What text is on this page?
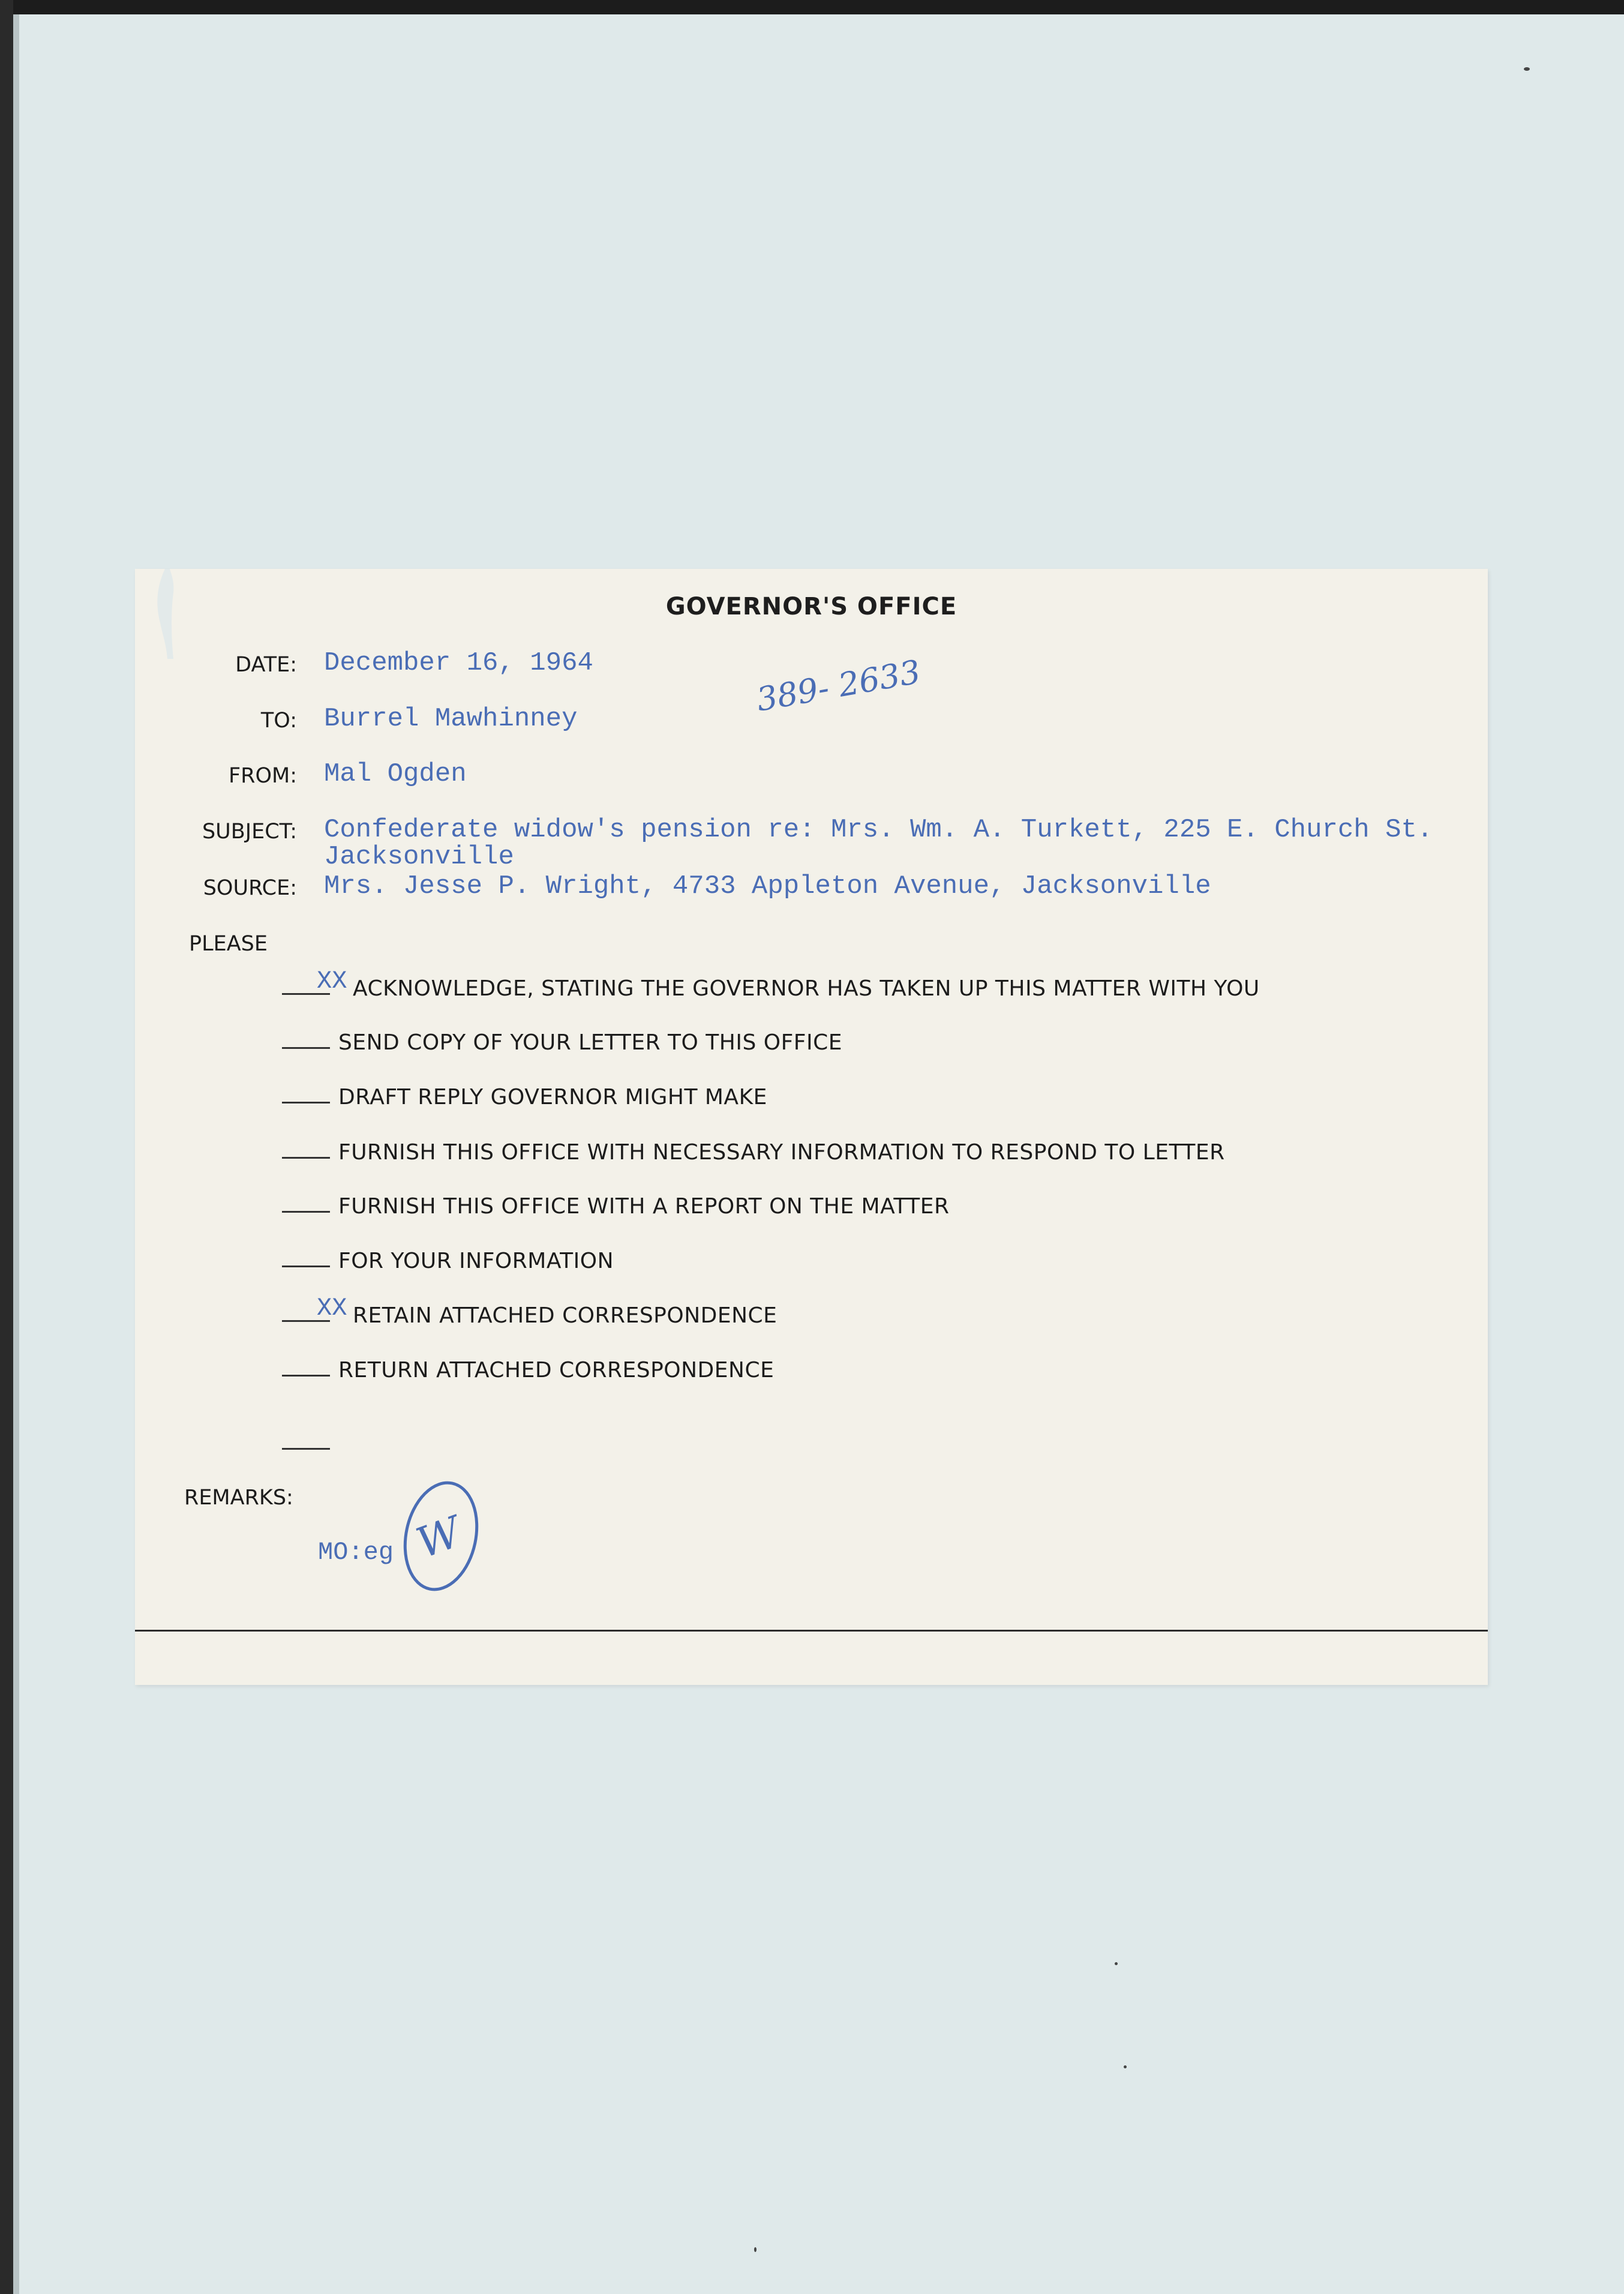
GOVERNOR'S OFFICE
389- 2633
DATE: December 16, 1964
TO: Burrel Mawhinney
FROM: Mal Ogden
SUBJECT: Confederate widow's pension re: Mrs. Wm. A. Turkett, 225 E. Church St.
Jacksonville
SOURCE: Mrs. Jesse P. Wright, 4733 Appleton Avenue, Jacksonville
PLEASE
XX ACKNOWLEDGE, STATING THE GOVERNOR HAS TAKEN UP THIS MATTER WITH YOU
SEND COPY OF YOUR LETTER TO THIS OFFICE
DRAFT REPLY GOVERNOR MIGHT MAKE
FURNISH THIS OFFICE WITH NECESSARY INFORMATION TO RESPOND TO LETTER
FURNISH THIS OFFICE WITH A REPORT ON THE MATTER
FOR YOUR INFORMATION
XX RETAIN ATTACHED CORRESPONDENCE
RETURN ATTACHED CORRESPONDENCE
REMARKS:
MO:eg W
